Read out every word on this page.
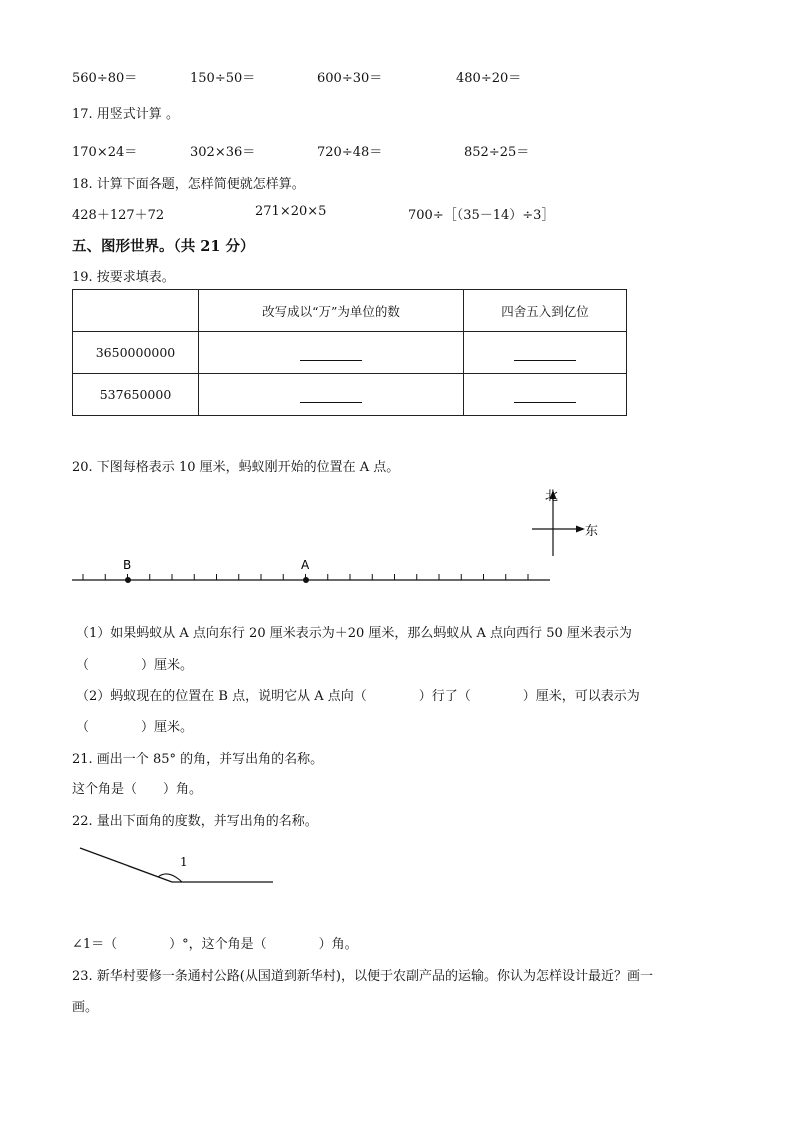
560÷80＝	150÷50＝	600÷30＝	480÷20＝
17. 用竖式计算 。
170×24＝	302×36＝	720÷48＝	852÷25＝
18. 计算下面各题，怎样简便就怎样算。
428＋127＋72	271×20×5	700÷［（35－14）÷3］
五、图形世界。（共 21 分）
19. 按要求填表。
	改写成以“万”为单位的数	四舍五入到亿位
3650000000		
537650000		
20. 下图每格表示 10 厘米，蚂蚁刚开始的位置在 A 点。
北
东
B	A
（1）如果蚂蚁从 A 点向东行 20 厘米表示为＋20 厘米，那么蚂蚁从 A 点向西行 50 厘米表示为
（　　　　）厘米。
（2）蚂蚁现在的位置在 B 点，说明它从 A 点向（　　　　）行了（　　　　）厘米，可以表示为
（　　　　）厘米。
21. 画出一个 85° 的角，并写出角的名称。
这个角是（　　）角。
22. 量出下面角的度数，并写出角的名称。
1
∠1＝（　　　　）°，这个角是（　　　　）角。
23. 新华村要修一条通村公路(从国道到新华村)，以便于农副产品的运输。你认为怎样设计最近？画一
画。
